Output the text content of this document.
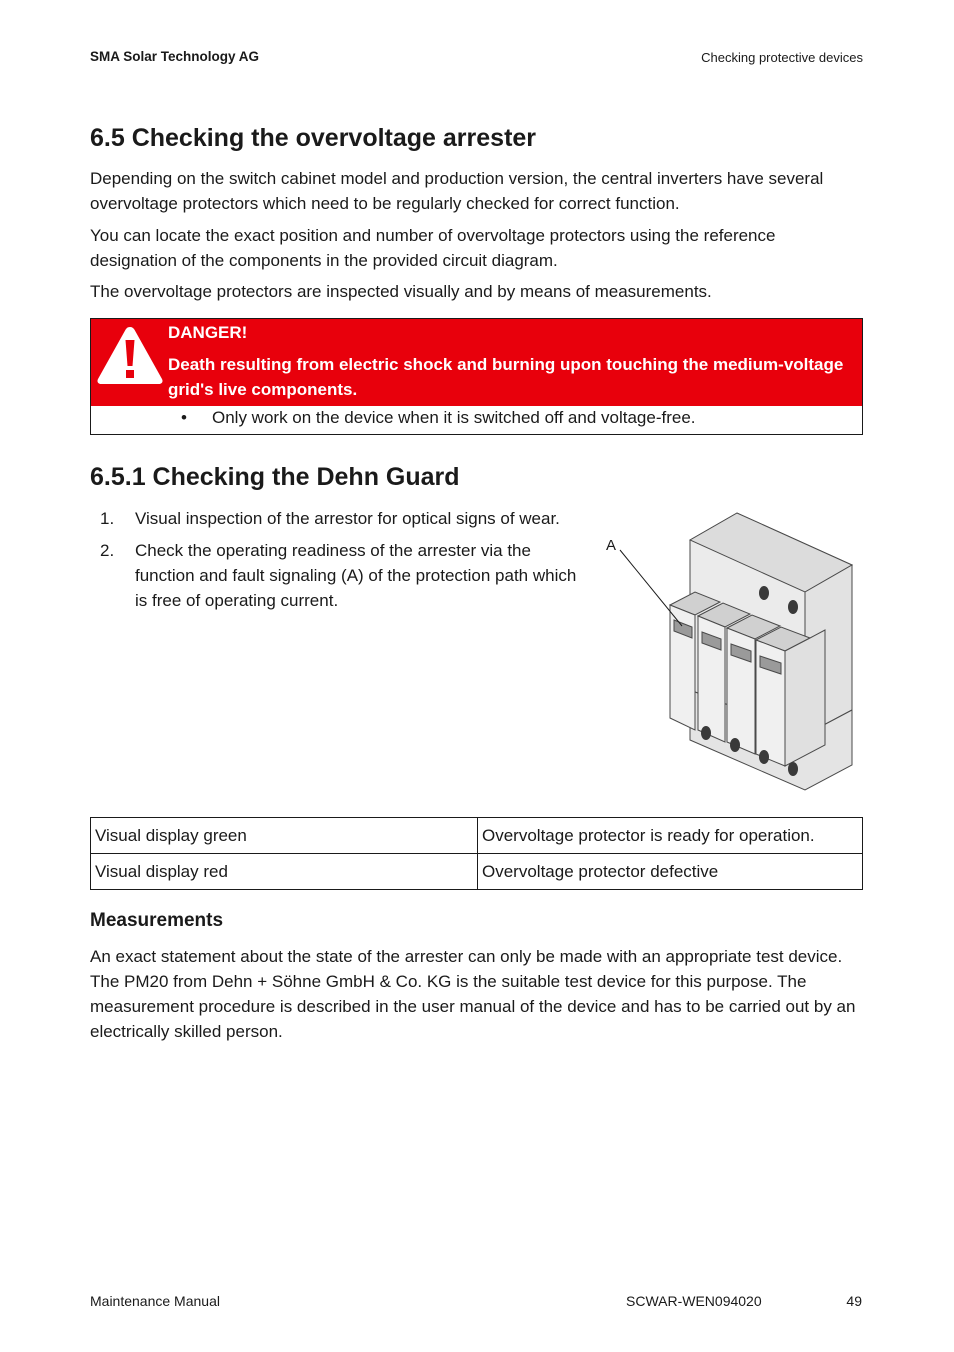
SMA Solar Technology AG	Checking protective devices
6.5 Checking the overvoltage arrester

Depending on the switch cabinet model and production version, the central inverters have several overvoltage protectors which need to be regularly checked for correct function.

You can locate the exact position and number of overvoltage protectors using the reference designation of the components in the provided circuit diagram.

The overvoltage protectors are inspected visually and by means of measurements.

DANGER!
Death resulting from electric shock and burning upon touching the medium-voltage grid's live components.
• Only work on the device when it is switched off and voltage-free.
6.5.1 Checking the Dehn Guard
1. Visual inspection of the arrestor for optical signs of wear.
2. Check the operating readiness of the arrester via the function and fault signaling (A) of the protection path which is free of operating current.
A
Visual display green	Overvoltage protector is ready for operation.
Visual display red	Overvoltage protector defective
Measurements

An exact statement about the state of the arrester can only be made with an appropriate test device. The PM20 from Dehn + Söhne GmbH & Co. KG is the suitable test device for this purpose. The measurement procedure is described in the user manual of the device and has to be carried out by an electrically skilled person.

Maintenance Manual	SCWAR-WEN094020	49
